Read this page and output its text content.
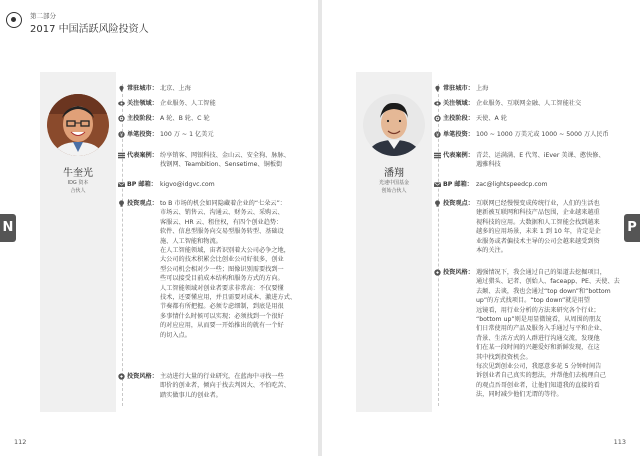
第二部分
2017 中国活跃风险投资人
牛奎光
IDG 资本
合伙人
常驻城市： 北京、上海
关注领域： 企业服务、人工智能
主投阶段： A 轮、B 轮、C 轮
¥ 单笔投资： 100 万 ~ 1 亿美元
代表案例： 纷享销客、网银科技、金山云、安全狗、脉脉、
找钢网、Teambition、Sensetime、铜板街
BP 邮箱： kigvo@idgvc.com
投资观点： to B 市场的机会如同隐藏着企业的“七朵云”：
市场云、销售云、沟通云、财务云、采购云、
客服云、HR 云、租住权，有四个创业趋势：
软件、信息型服务向交易型服务转型、基础设
施、人工智能和物流。
在人工智能领域，宙者识别着大公司必争之地，
大公司的技术积累会比创业公司好很多，创业
型公司机会相对少一些；图像识别需要找到一
些可以接受目前成本结构和服务方式的方向。
人工智能领域对创业者要求非常高：不仅要懂
技术，还要懂应用，并且需要对成本、激进方式、
节奏都有所把握。必须专虑细制，到底是用很
多事情什么时候可以实现；必须找到一个很好
的对应应用，从而要一开始推出的就有一个好
的切入点。
投资风格： 主动进行大量的行业研究，在蓝海中寻找一些
即价的创业者，倾向于找去判因大、不怕吃苦、
踏实做事儿的创业者。
N
112
潘翔
光速中国基金
创始合伙人
常驻城市： 上海
关注领域： 企业服务、互联网金融、人工智能社交
主投阶段： 天使、A 轮
¥ 单笔投资： 100 ~ 1000 万美元或 1000 ~ 5000 万人民币
代表案例： 青芸、运满满、E 代驾、iEver 美课、憨快修、
遇雅科技
BP 邮箱： zac@lightspeedcp.com
投资观点： 互联网已经慢慢变成传统行业，人们的生活也
建新被互联网和科技产品包围，企业越来越重
视科技的应用。大数据和人工智能会找到越来
越多的应用场景，未来 1 到 10 年，肯定是企
业服务或者偏技术主导的公司会越来越受到资
本的关注。
投资风格： 遇强情况下，我会通过自己的渠道去挖掘项目，
通过猎头、记者、创始人、faceapp、PE、天使、去
去颠、去谈，我也会通过“top down”和“bottom
up”的方式找项目。“top down”就是用望
远镜看，用行业分析的方法来研究各个行业；
“bottom up”则是用显微镜看，从周围的朋友
们日常使用的产品及服务入手通过与平和企业、
背景、生活方式的人群进行沟通交流，发现他
们在某一段时间的兴趣爱好和新鲜发现，在这
其中找到投资机会。
每次见到创业公司，我愿意多花 5 分钟时间告
诉创业者自己真实的想法，并帮他们去梳理自己
的观点吾哥创业者，让他们知道我的直接的看
法，同时减少他们无谓的等待。
P
113
